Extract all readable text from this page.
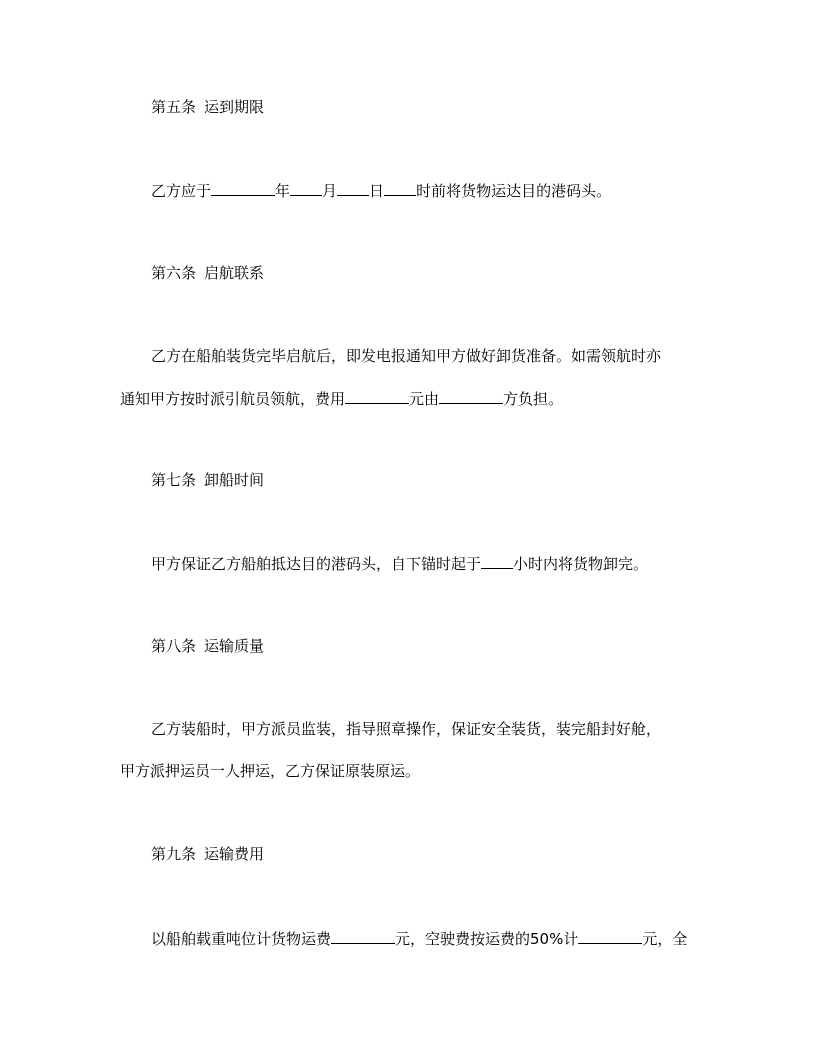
第五条 运到期限
乙方应于	年 月 日 时前将货物运达目的港码头。
第六条 启航联系
乙方在船舶装货完毕启航后，即发电报通知甲方做好卸货准备。如需领航时亦
通知甲方按时派引航员领航，费用	元由	方负担。
第七条 卸船时间
甲方保证乙方船舶抵达目的港码头，自下锚时起于 小时内将货物卸完。
第八条 运输质量
乙方装船时，甲方派员监装，指导照章操作，保证安全装货，装完船封好舱，
甲方派押运员一人押运，乙方保证原装原运。
第九条 运输费用
以船舶载重吨位计货物运费	元，空驶费按运费的50%计	元，全
